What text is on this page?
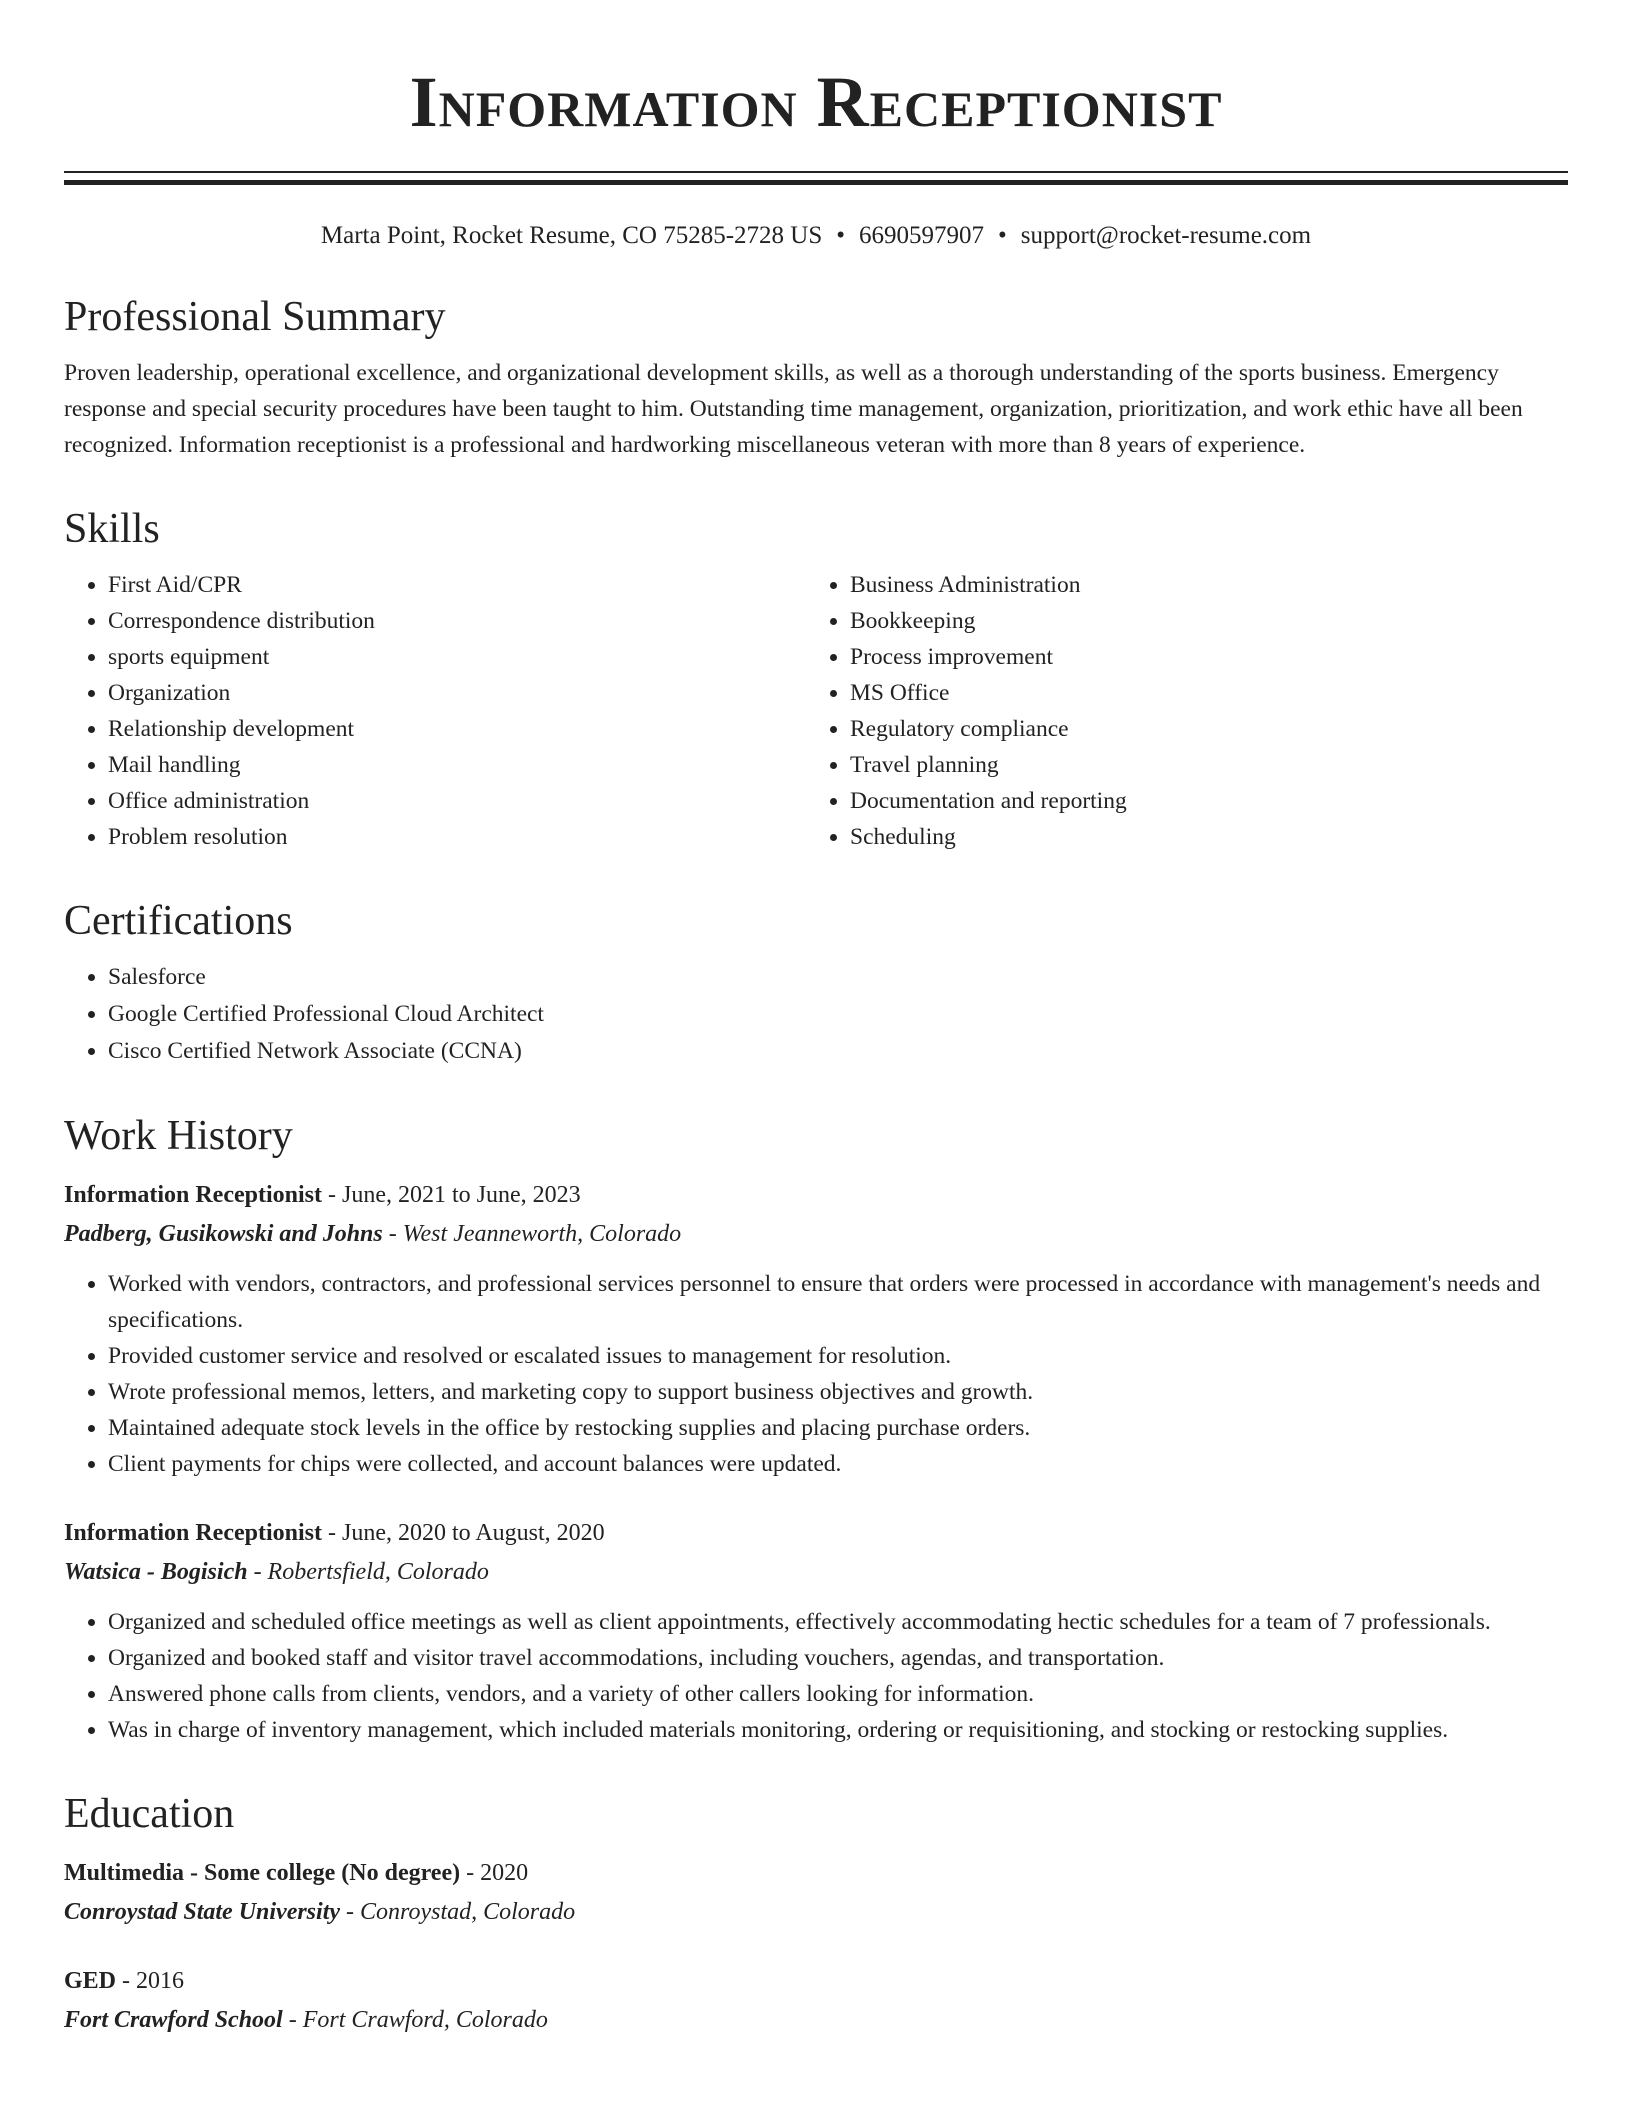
Information Receptionist
Marta Point, Rocket Resume, CO 75285-2728 US • 6690597907 • support@rocket-resume.com
Professional Summary
Proven leadership, operational excellence, and organizational development skills, as well as a thorough understanding of the sports business. Emergency response and special security procedures have been taught to him. Outstanding time management, organization, prioritization, and work ethic have all been recognized. Information receptionist is a professional and hardworking miscellaneous veteran with more than 8 years of experience.
Skills
• First Aid/CPR
• Correspondence distribution
• sports equipment
• Organization
• Relationship development
• Mail handling
• Office administration
• Problem resolution
• Business Administration
• Bookkeeping
• Process improvement
• MS Office
• Regulatory compliance
• Travel planning
• Documentation and reporting
• Scheduling
Certifications
• Salesforce
• Google Certified Professional Cloud Architect
• Cisco Certified Network Associate (CCNA)
Work History
Information Receptionist - June, 2021 to June, 2023
Padberg, Gusikowski and Johns - West Jeanneworth, Colorado
• Worked with vendors, contractors, and professional services personnel to ensure that orders were processed in accordance with management's needs and specifications.
• Provided customer service and resolved or escalated issues to management for resolution.
• Wrote professional memos, letters, and marketing copy to support business objectives and growth.
• Maintained adequate stock levels in the office by restocking supplies and placing purchase orders.
• Client payments for chips were collected, and account balances were updated.
Information Receptionist - June, 2020 to August, 2020
Watsica - Bogisich - Robertsfield, Colorado
• Organized and scheduled office meetings as well as client appointments, effectively accommodating hectic schedules for a team of 7 professionals.
• Organized and booked staff and visitor travel accommodations, including vouchers, agendas, and transportation.
• Answered phone calls from clients, vendors, and a variety of other callers looking for information.
• Was in charge of inventory management, which included materials monitoring, ordering or requisitioning, and stocking or restocking supplies.
Education
Multimedia - Some college (No degree) - 2020
Conroystad State University - Conroystad, Colorado
GED - 2016
Fort Crawford School - Fort Crawford, Colorado
